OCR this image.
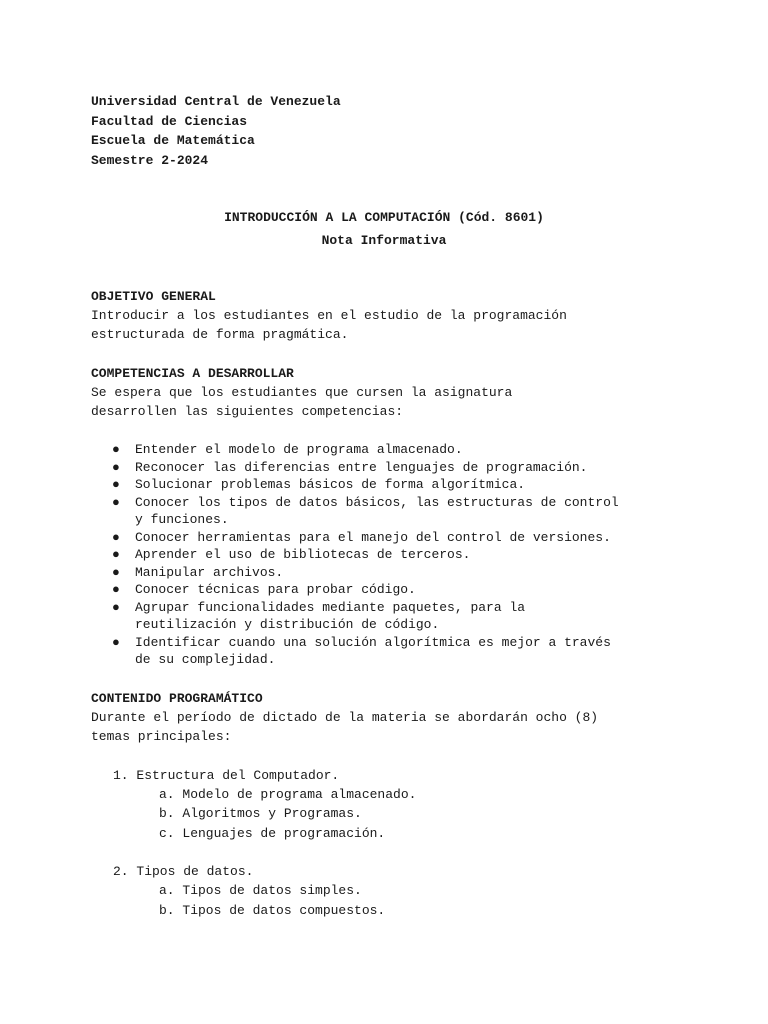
Universidad Central de Venezuela
Facultad de Ciencias
Escuela de Matemática
Semestre 2-2024
INTRODUCCIÓN A LA COMPUTACIÓN (Cód. 8601)
Nota Informativa
OBJETIVO GENERAL
Introducir a los estudiantes en el estudio de la programación
estructurada de forma pragmática.
COMPETENCIAS A DESARROLLAR
Se espera que los estudiantes que cursen la asignatura
desarrollen las siguientes competencias:
● Entender el modelo de programa almacenado.
● Reconocer las diferencias entre lenguajes de programación.
● Solucionar problemas básicos de forma algorítmica.
● Conocer los tipos de datos básicos, las estructuras de control
y funciones.
● Conocer herramientas para el manejo del control de versiones.
● Aprender el uso de bibliotecas de terceros.
● Manipular archivos.
● Conocer técnicas para probar código.
● Agrupar funcionalidades mediante paquetes, para la
reutilización y distribución de código.
● Identificar cuando una solución algorítmica es mejor a través
de su complejidad.
CONTENIDO PROGRAMÁTICO
Durante el período de dictado de la materia se abordarán ocho (8)
temas principales:
1. Estructura del Computador.
a. Modelo de programa almacenado.
b. Algoritmos y Programas.
c. Lenguajes de programación.
2. Tipos de datos.
a. Tipos de datos simples.
b. Tipos de datos compuestos.
